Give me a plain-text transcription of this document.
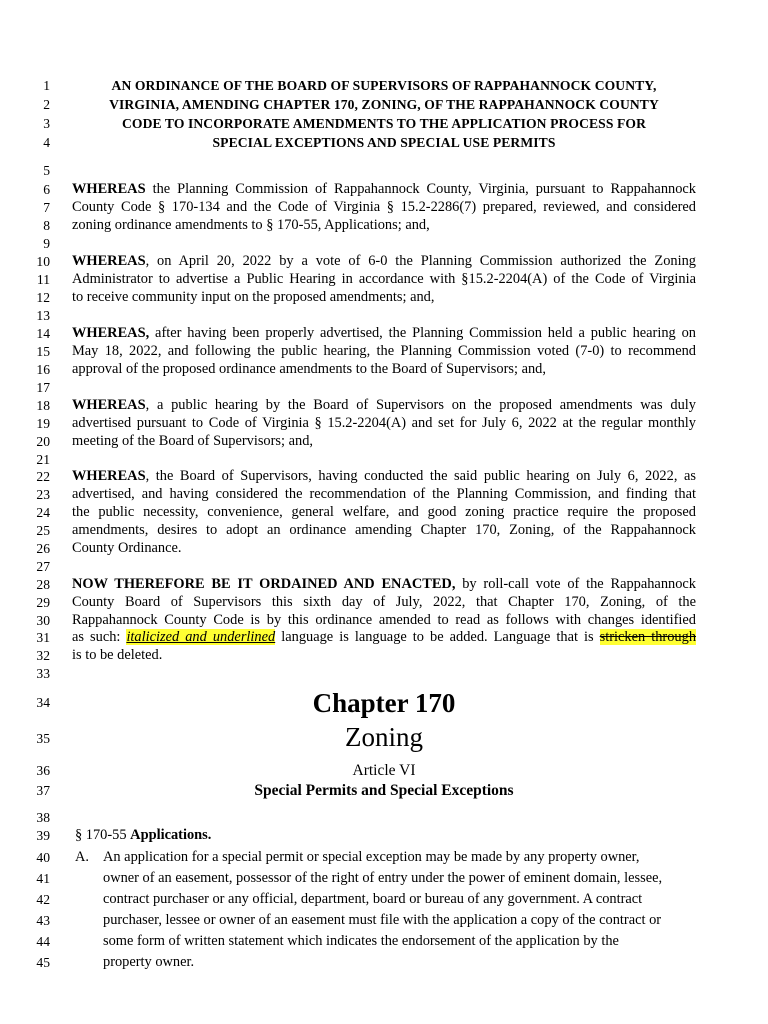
1	AN ORDINANCE OF THE BOARD OF SUPERVISORS OF RAPPAHANNOCK COUNTY,
2	VIRGINIA, AMENDING CHAPTER 170, ZONING, OF THE RAPPAHANNOCK COUNTY
3	CODE TO INCORPORATE AMENDMENTS TO THE APPLICATION PROCESS FOR
4	SPECIAL EXCEPTIONS AND SPECIAL USE PERMITS
5
6 WHEREAS the Planning Commission of Rappahannock County, Virginia, pursuant to Rappahannock
7 County Code § 170-134 and the Code of Virginia § 15.2-2286(7) prepared, reviewed, and considered
8 zoning ordinance amendments to § 170-55, Applications; and,
9
10 WHEREAS, on April 20, 2022 by a vote of 6-0 the Planning Commission authorized the Zoning
11 Administrator to advertise a Public Hearing in accordance with §15.2-2204(A) of the Code of Virginia
12 to receive community input on the proposed amendments; and,
13
14 WHEREAS, after having been properly advertised, the Planning Commission held a public hearing on
15 May 18, 2022, and following the public hearing, the Planning Commission voted (7-0) to recommend
16 approval of the proposed ordinance amendments to the Board of Supervisors; and,
17
18 WHEREAS, a public hearing by the Board of Supervisors on the proposed amendments was duly
19 advertised pursuant to Code of Virginia § 15.2-2204(A) and set for July 6, 2022 at the regular monthly
20 meeting of the Board of Supervisors; and,
21
22 WHEREAS, the Board of Supervisors, having conducted the said public hearing on July 6, 2022, as
23 advertised, and having considered the recommendation of the Planning Commission, and finding that
24 the public necessity, convenience, general welfare, and good zoning practice require the proposed
25 amendments, desires to adopt an ordinance amending Chapter 170, Zoning, of the Rappahannock
26 County Ordinance.
27
28 NOW THEREFORE BE IT ORDAINED AND ENACTED, by roll-call vote of the Rappahannock
29 County Board of Supervisors this sixth day of July, 2022, that Chapter 170, Zoning, of the
30 Rappahannock County Code is by this ordinance amended to read as follows with changes identified
31 as such: italicized and underlined language is language to be added. Language that is stricken through
32 is to be deleted.
33
34	Chapter 170
35	Zoning
36	Article VI
37	Special Permits and Special Exceptions
38
39 § 170-55 Applications.
40 A. An application for a special permit or special exception may be made by any property owner,
41	owner of an easement, possessor of the right of entry under the power of eminent domain, lessee,
42	contract purchaser or any official, department, board or bureau of any government. A contract
43	purchaser, lessee or owner of an easement must file with the application a copy of the contract or
44	some form of written statement which indicates the endorsement of the application by the
45	property owner.
